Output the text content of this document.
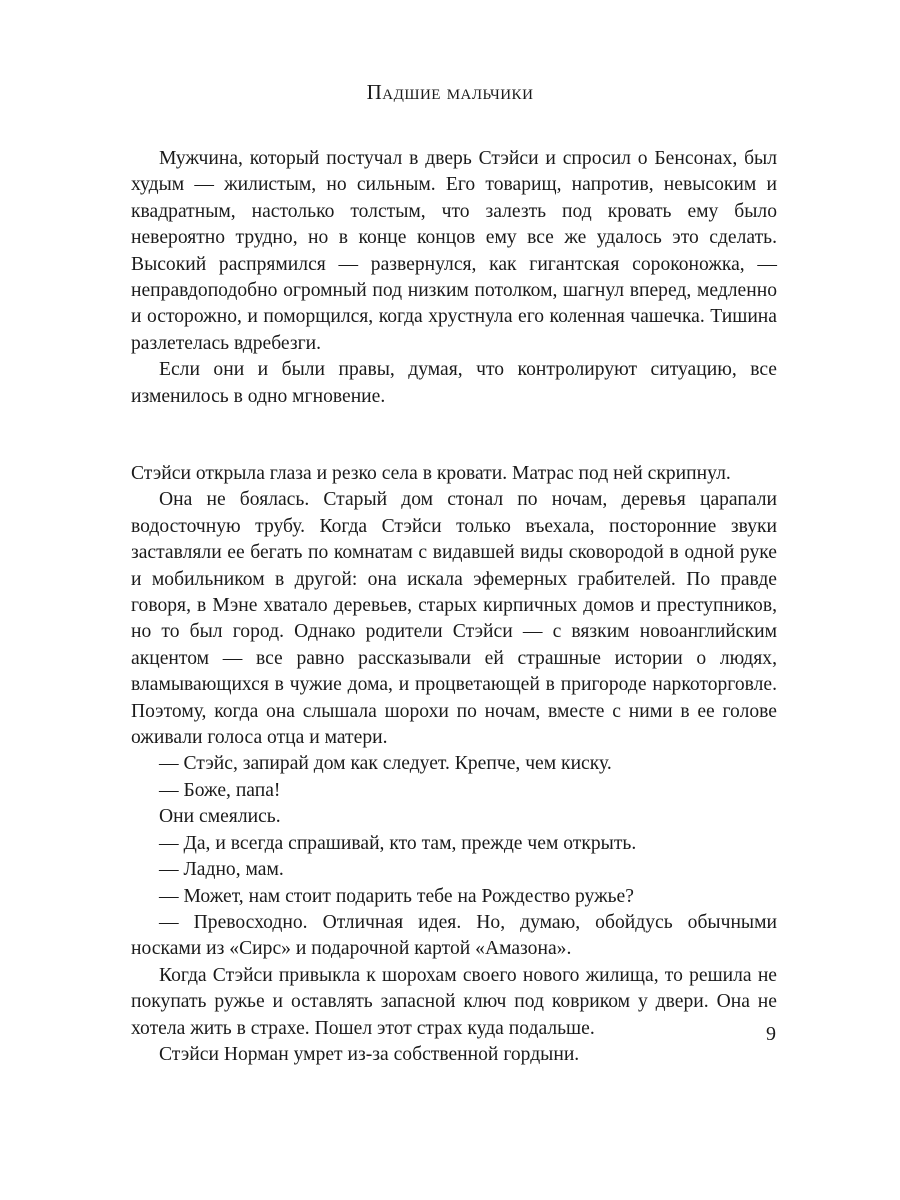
Падшие мальчики

Мужчина, который постучал в дверь Стэйси и спросил о Бенсонах, был худым — жилистым, но сильным. Его товарищ, напротив, невысоким и квадратным, настолько толстым, что залезть под кровать ему было невероятно трудно, но в конце концов ему все же удалось это сделать. Высокий распрямился — развернулся, как гигантская сороконожка, — неправдоподобно огромный под низким потолком, шагнул вперед, медленно и осторожно, и поморщился, когда хрустнула его коленная чашечка. Тишина разлетелась вдребезги.

Если они и были правы, думая, что контролируют ситуацию, все изменилось в одно мгновение.

Стэйси открыла глаза и резко села в кровати. Матрас под ней скрипнул.

Она не боялась. Старый дом стонал по ночам, деревья царапали водосточную трубу. Когда Стэйси только въехала, посторонние звуки заставляли ее бегать по комнатам с видавшей виды сковородой в одной руке и мобильником в другой: она искала эфемерных грабителей. По правде говоря, в Мэне хватало деревьев, старых кирпичных домов и преступников, но то был город. Однако родители Стэйси — с вязким новоанглийским акцентом — все равно рассказывали ей страшные истории о людях, вламывающихся в чужие дома, и процветающей в пригороде наркоторговле. Поэтому, когда она слышала шорохи по ночам, вместе с ними в ее голове оживали голоса отца и матери.

— Стэйс, запирай дом как следует. Крепче, чем киску.

— Боже, папа!

Они смеялись.

— Да, и всегда спрашивай, кто там, прежде чем открыть.

— Ладно, мам.

— Может, нам стоит подарить тебе на Рождество ружье?

— Превосходно. Отличная идея. Но, думаю, обойдусь обычными носками из «Сирс» и подарочной картой «Амазона».

Когда Стэйси привыкла к шорохам своего нового жилища, то решила не покупать ружье и оставлять запасной ключ под ковриком у двери. Она не хотела жить в страхе. Пошел этот страх куда подальше.

Стэйси Норман умрет из-за собственной гордыни.

9
